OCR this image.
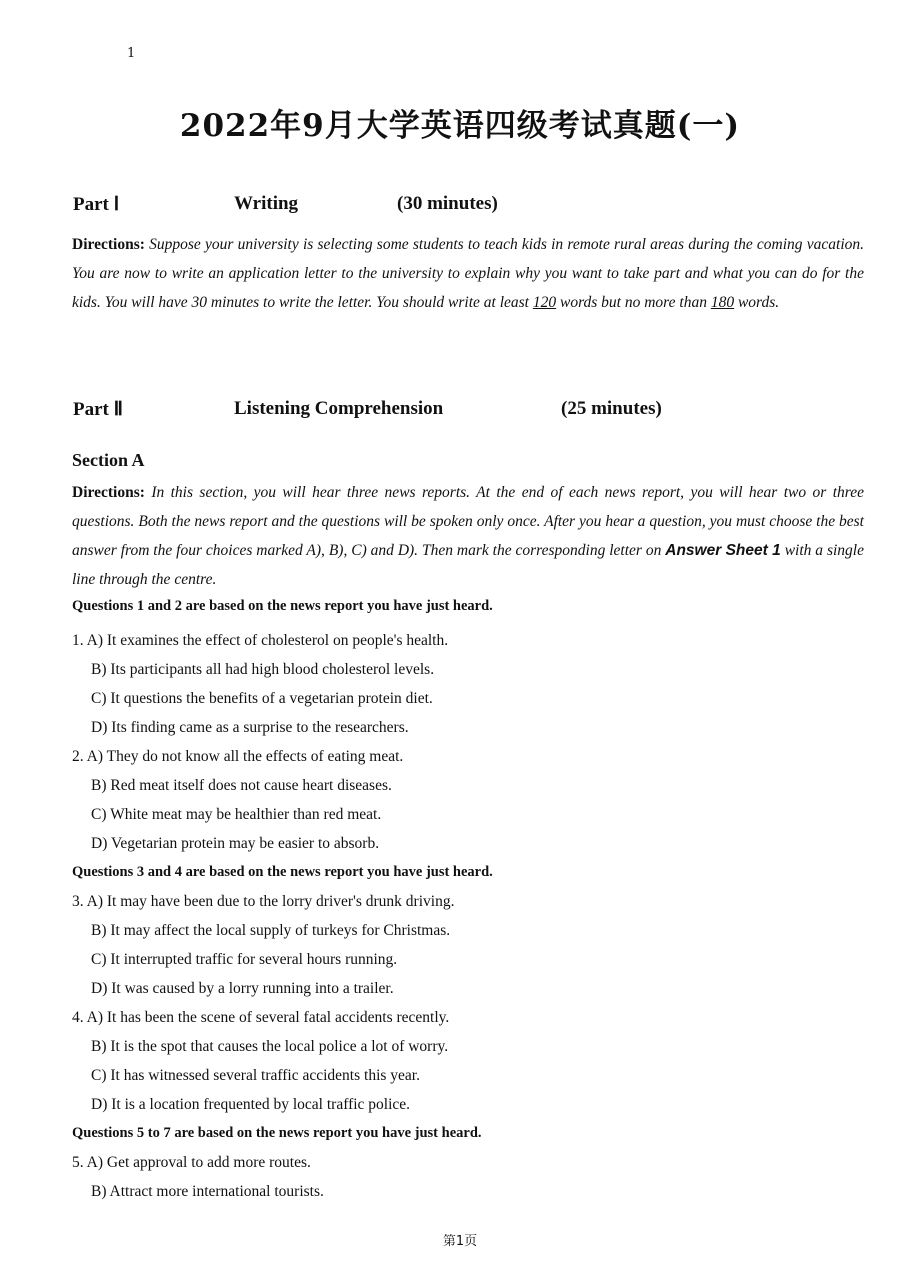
1
2022年9月大学英语四级考试真题(一)
Part Ⅰ	Writing	(30 minutes)
Directions: Suppose your university is selecting some students to teach kids in remote rural areas during the coming vacation. You are now to write an application letter to the university to explain why you want to take part and what you can do for the kids. You will have 30 minutes to write the letter. You should write at least 120 words but no more than 180 words.
Part Ⅱ	Listening Comprehension	(25 minutes)
Section A
Directions: In this section, you will hear three news reports. At the end of each news report, you will hear two or three questions. Both the news report and the questions will be spoken only once. After you hear a question, you must choose the best answer from the four choices marked A), B), C) and D). Then mark the corresponding letter on Answer Sheet 1 with a single line through the centre.
Questions 1 and 2 are based on the news report you have just heard.
1. A) It examines the effect of cholesterol on people's health.
B) Its participants all had high blood cholesterol levels.
C) It questions the benefits of a vegetarian protein diet.
D) Its finding came as a surprise to the researchers.
2. A) They do not know all the effects of eating meat.
B) Red meat itself does not cause heart diseases.
C) White meat may be healthier than red meat.
D) Vegetarian protein may be easier to absorb.
Questions 3 and 4 are based on the news report you have just heard.
3. A) It may have been due to the lorry driver's drunk driving.
B) It may affect the local supply of turkeys for Christmas.
C) It interrupted traffic for several hours running.
D) It was caused by a lorry running into a trailer.
4. A) It has been the scene of several fatal accidents recently.
B) It is the spot that causes the local police a lot of worry.
C) It has witnessed several traffic accidents this year.
D) It is a location frequented by local traffic police.
Questions 5 to 7 are based on the news report you have just heard.
5. A) Get approval to add more routes.
B) Attract more international tourists.
第1页
